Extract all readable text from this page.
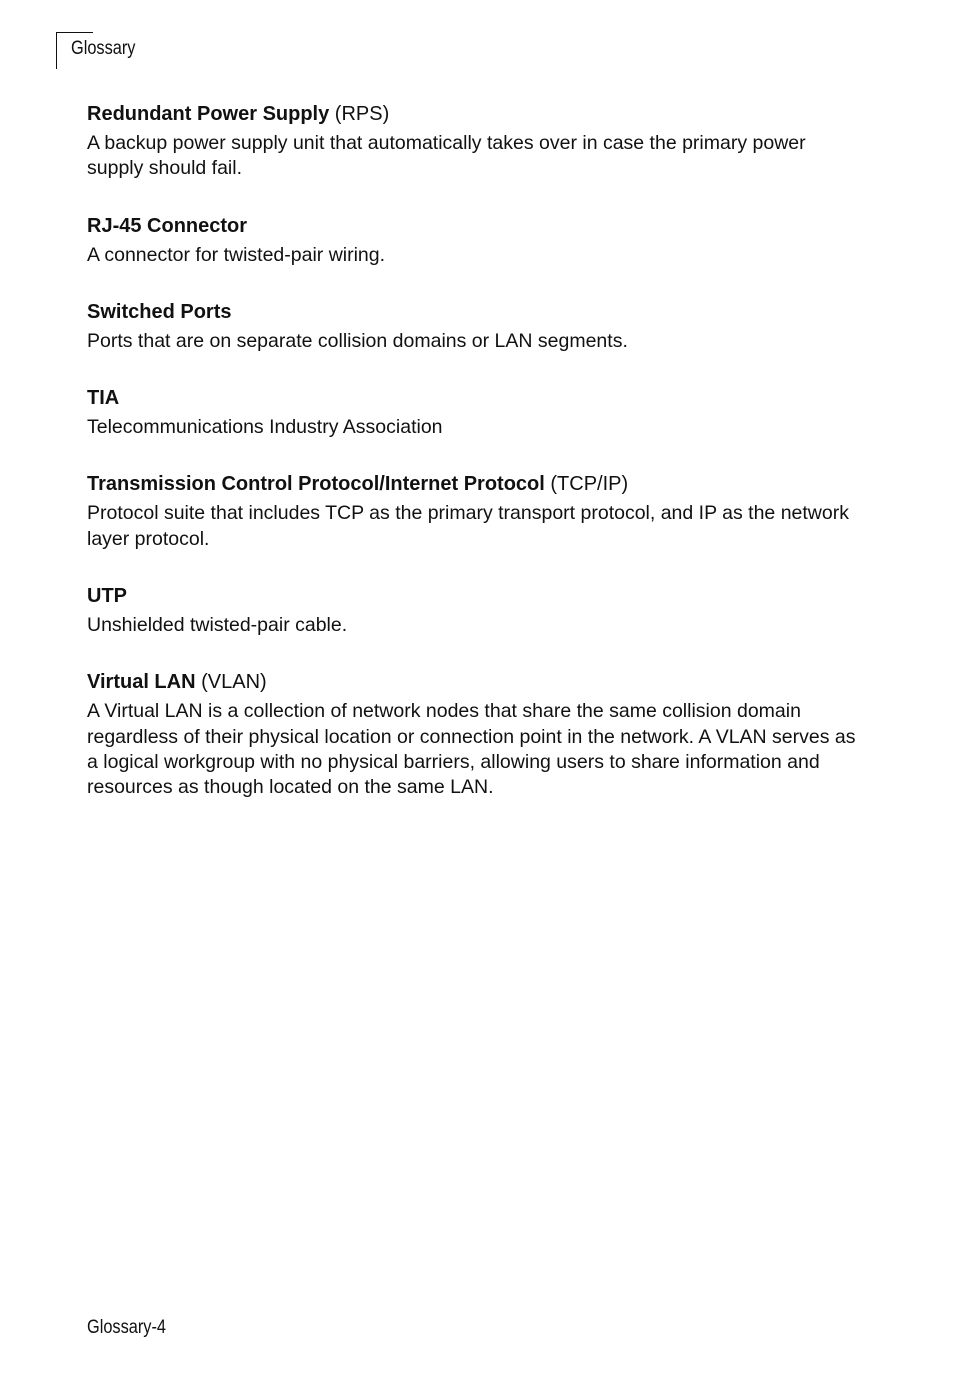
Glossary

Redundant Power Supply (RPS)

A backup power supply unit that automatically takes over in case the primary power supply should fail.

RJ-45 Connector

A connector for twisted-pair wiring.

Switched Ports

Ports that are on separate collision domains or LAN segments.

TIA

Telecommunications Industry Association

Transmission Control Protocol/Internet Protocol (TCP/IP)

Protocol suite that includes TCP as the primary transport protocol, and IP as the network layer protocol.

UTP

Unshielded twisted-pair cable.

Virtual LAN (VLAN)

A Virtual LAN is a collection of network nodes that share the same collision domain regardless of their physical location or connection point in the network. A VLAN serves as a logical workgroup with no physical barriers, allowing users to share information and resources as though located on the same LAN.

Glossary-4
